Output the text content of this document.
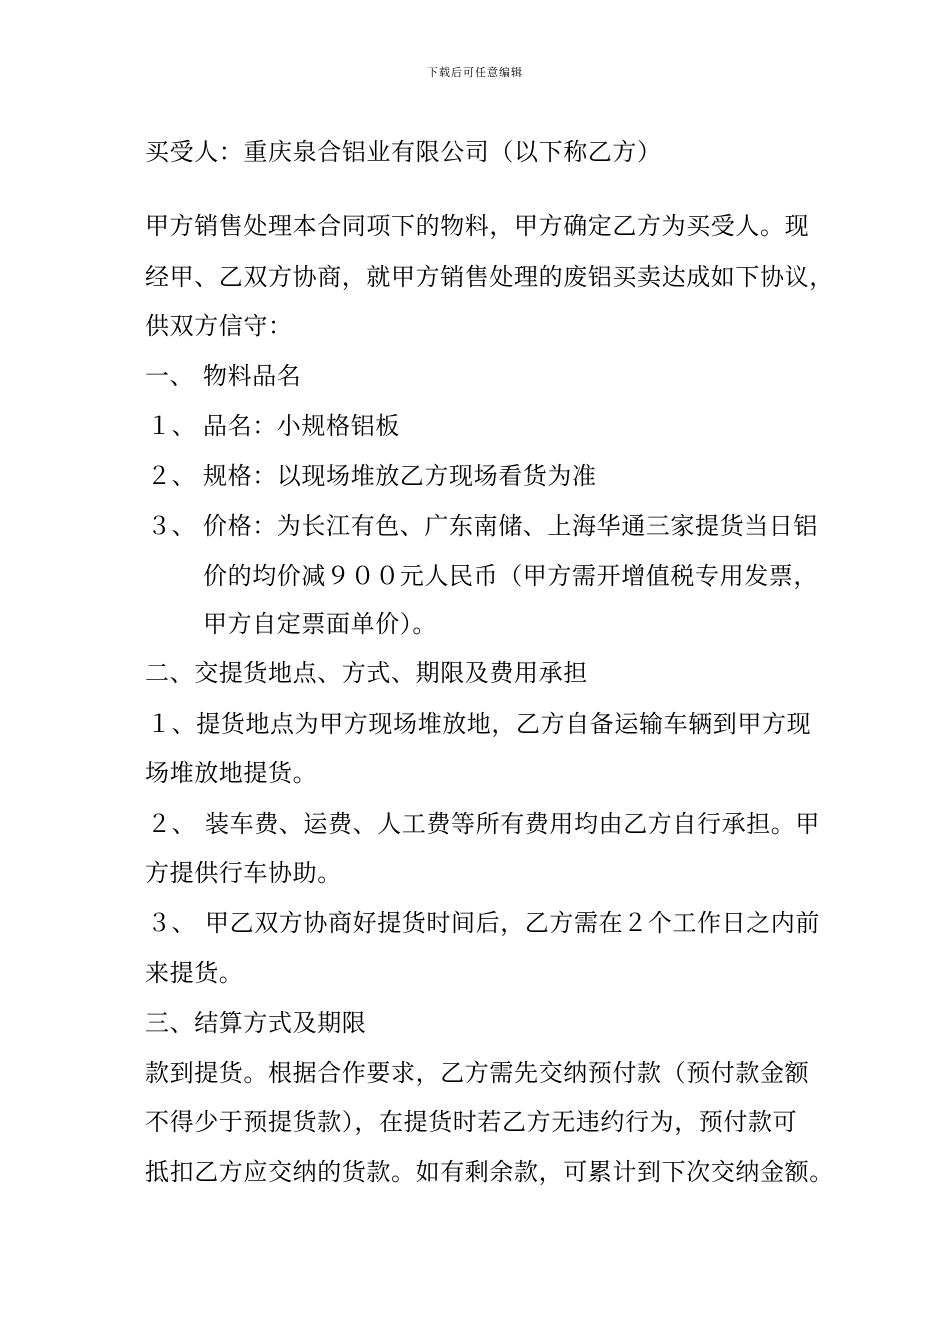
下载后可任意编辑
买受人：重庆泉合铝业有限公司（以下称乙方）
甲方销售处理本合同项下的物料，甲方确定乙方为买受人。现
经甲、乙双方协商，就甲方销售处理的废铝买卖达成如下协议，
供双方信守：
一、 物料品名
１、 品名：小规格铝板
２、 规格：以现场堆放乙方现场看货为准
３、 价格：为长江有色、广东南储、上海华通三家提货当日铝
价的均价减９００元人民币（甲方需开增值税专用发票，
甲方自定票面单价）。
二、交提货地点、方式、期限及费用承担
１、提货地点为甲方现场堆放地，乙方自备运输车辆到甲方现
场堆放地提货。
２、 装车费、运费、人工费等所有费用均由乙方自行承担。甲
方提供行车协助。
３、 甲乙双方协商好提货时间后，乙方需在２个工作日之内前
来提货。
三、结算方式及期限
款到提货。根据合作要求，乙方需先交纳预付款（预付款金额
不得少于预提货款），在提货时若乙方无违约行为，预付款可
抵扣乙方应交纳的货款。如有剩余款，可累计到下次交纳金额。
